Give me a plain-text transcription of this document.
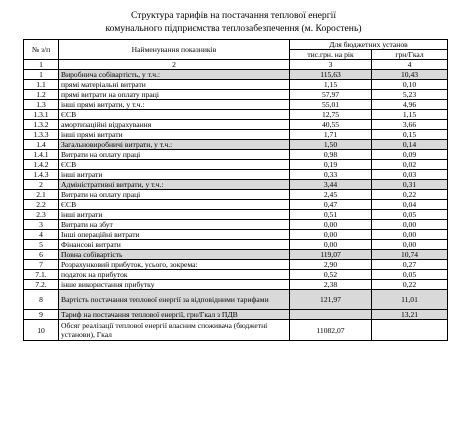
Структура тарифів на постачання теплової енергії
комунального підприємства теплозабезпечення (м. Коростень)
№ з/п	Найменування показників	Для бюджетних установ	
		тис.грн. на рік	грн/Гкал
1	2	3	4
1	Виробнича собівартість, у т.ч.:	115,63	10,43
1.1	прямі матеріальні витрати	1,15	0,10
1.2	прямі витрати на оплату праці	57,97	5,23
1.3	інші прямі витрати, у т.ч.:	55,01	4,96
1.3.1	ЄСВ	12,75	1,15
1.3.2	амортизаційні відрахування	40,55	3,66
1.3.3	інші прямі витрати	1,71	0,15
1.4	Загальновиробничі витрати, у т.ч.:	1,50	0,14
1.4.1	Витрати на оплату праці	0,98	0,09
1.4.2	ЄСВ	0,19	0,02
1.4.3	інші витрати	0,33	0,03
2	Адміністративні витрати, у т.ч.:	3,44	0,31
2.1	Витрати на оплату праці	2,45	0,22
2.2	ЄСВ	0,47	0,04
2.3	інші витрати	0,51	0,05
3	Витрати на збут	0,00	0,00
4	Інші операційні витрати	0,00	0,00
5	Фінансові витрати	0,00	0,00
6	Повна собівартість	119,07	10,74
7	Розрахунковий прибуток, усього, зокрема:	2,90	0,27
7.1.	податок на прибуток	0,52	0,05
7.2.	інше використання прибутку	2,38	0,22
8	Вартість постачання теплової енергії за відповідними тарифами	121,97	11,01
9	Тариф на постачання теплової енергії, грн/Гкал з ПДВ		13,21
10	Обсяг реалізації теплової енергії власним споживача (бюджетні установи), Гкал	11082,07	
